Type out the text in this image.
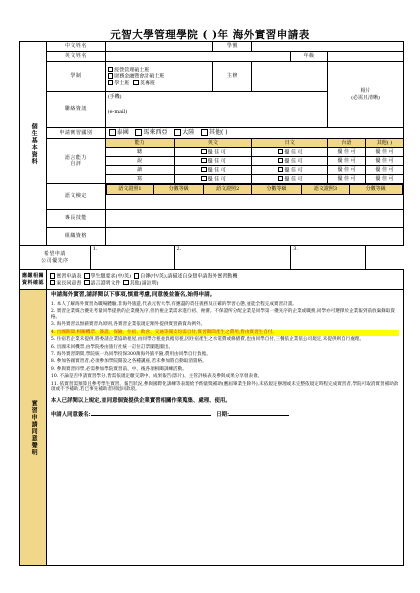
元智大學管理學院 ( )年 海外實習申請表
個生基本資料	中文姓名		學號	
英文姓名		年級	
學制	
經營管理碩士班
財務金融暨會計碩士班
學士班 英專班
	主修		相片
(必需且清晰)
聯絡資訊	
(手機)
(e-mail)

申請實習國別	泰國 馬來西亞 大陸 其他( )
語言能力
自評	能力	英文	日文	台語	其他( )
聽	優 佳 可	優 佳 可	優 佳 可	優 佳 可
說	優 佳 可	優 佳 可	優 佳 可	優 佳 可
讀	優 佳 可	優 佳 可	優 佳 可	優 佳 可
寫	優 佳 可	優 佳 可	優 佳 可	優 佳 可
語文檢定	
語文證照1	分數等級	語文證照2	分數等級	語文證照3	分數等級

專長技能	
組織資格	
希望申請
公司優先序	1.	2.	3.
應繳相關資料確認	
實習申請表 學生繳要求(中/英) 自傳(中/英),請描述自身想申請海外實習動機
家長同意書 語言證明文件 其他(請註明)

實習申請同意聲明	

申請海外實習,請詳閱以下事項,慎重考慮,同意後並簽名,始得申請。

1. 本人了解海外實習為職場體驗,非海外旅遊,代表元智大學,有應盡的責任義務及正確的學習心態,並能全程完成實習計畫。

2. 實習企業媒合優先考量同學提供的企業優先序,但仍視企業需求進行初、複審。不保證所分配企業是同學第一優先序的企業或職務,同學亦可選擇於企業報到前放棄錄取資格。

3. 海外實習以無薪實習為原則,各實習企業依規定額外提供實習薪資為例外。

4. 出國期間,相關機票、簽證、保險、住宿、飲食、交通等開支均需自付,實習期間產生之費用,皆由實習生自付。

5. 住宿若企業未提供,將委請企業協助租屋,由同學合租並負擔房租,因住宿產生之水電費或修繕費,也由同學自付,三餐依企業依公司規定,未提供則自行處理。

6. 出國未回機票,由學院委由旅行社統一訂位訂票團進團出。

7. 海外實習期間,學院統一為同學投保300萬海外旅平險,費用由同學自行負擔。

8. 參加各國實習者,必須參加學院開設之各種講座,若未參加將自動取消資格。

9. 參與實習同學,必需參加學院實習前、中、後各項相關訓練活動。

10. 不論是否申請實習學分,皆需依規定繳交期中、成果報告(影片)、主管評核表及參與成果分享發表會。

11. 依實習需預算且參考學生實習、報告狀況,參與國際化訓練等表現給予酌量獎補助(應屆畢業生除外),未依規定辦理或未完整依規定時程完成實習者,學院可取消實習補助款項或不予補助,若已事先補助者則退回款項。

本人已詳閱以上規定,並同意個資提供企業實習相關作業蒐集、處理、使用。

申請人同意簽名:	日期:
